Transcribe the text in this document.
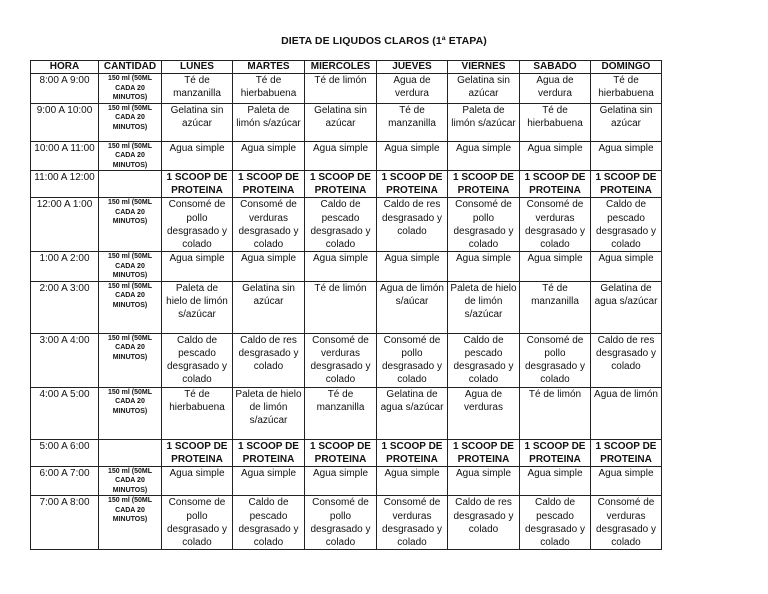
DIETA DE LIQUDOS CLAROS (1ª ETAPA)
HORA	CANTIDAD	LUNES	MARTES	MIERCOLES	JUEVES	VIERNES	SABADO	DOMINGO
8:00 A 9:00	150 ml (50ML CADA 20 MINUTOS)	Té de manzanilla	Té de hierbabuena	Té de limón	Agua de verdura	Gelatina sin azúcar	Agua de verdura	Té de hierbabuena
9:00 A 10:00	150 ml (50ML CADA 20 MINUTOS)	Gelatina sin azúcar	Paleta de limón s/azúcar	Gelatina sin azúcar	Té de manzanilla	Paleta de limón s/azúcar	Té de hierbabuena	Gelatina sin azúcar
10:00 A 11:00	150 ml (50ML CADA 20 MINUTOS)	Agua simple	Agua simple	Agua simple	Agua simple	Agua simple	Agua simple	Agua simple
11:00 A 12:00		1 SCOOP DE PROTEINA	1 SCOOP DE PROTEINA	1 SCOOP DE PROTEINA	1 SCOOP DE PROTEINA	1 SCOOP DE PROTEINA	1 SCOOP DE PROTEINA	1 SCOOP DE PROTEINA
12:00 A 1:00	150 ml (50ML CADA 20 MINUTOS)	Consomé de pollo desgrasado y colado	Consomé de verduras desgrasado y colado	Caldo de pescado desgrasado y colado	Caldo de res desgrasado y colado	Consomé de pollo desgrasado y colado	Consomé de verduras desgrasado y colado	Caldo de pescado desgrasado y colado
1:00 A 2:00	150 ml (50ML CADA 20 MINUTOS)	Agua simple	Agua simple	Agua simple	Agua simple	Agua simple	Agua simple	Agua simple
2:00 A 3:00	150 ml (50ML CADA 20 MINUTOS)	Paleta de hielo de limón s/azúcar	Gelatina sin azúcar	Té de limón	Agua de limón s/aúcar	Paleta de hielo de limón s/azúcar	Té de manzanilla	Gelatina de agua s/azúcar
3:00 A 4:00	150 ml (50ML CADA 20 MINUTOS)	Caldo de pescado desgrasado y colado	Caldo de res desgrasado y colado	Consomé de verduras desgrasado y colado	Consomé de pollo desgrasado y colado	Caldo de pescado desgrasado y colado	Consomé de pollo desgrasado y colado	Caldo de res desgrasado y colado
4:00 A 5:00	150 ml (50ML CADA 20 MINUTOS)	Té de hierbabuena	Paleta de hielo de limón s/azúcar	Té de manzanilla	Gelatina de agua s/azúcar	Agua de verduras	Té de limón	Agua de limón
5:00 A 6:00		1 SCOOP DE PROTEINA	1 SCOOP DE PROTEINA	1 SCOOP DE PROTEINA	1 SCOOP DE PROTEINA	1 SCOOP DE PROTEINA	1 SCOOP DE PROTEINA	1 SCOOP DE PROTEINA
6:00 A 7:00	150 ml (50ML CADA 20 MINUTOS)	Agua simple	Agua simple	Agua simple	Agua simple	Agua simple	Agua simple	Agua simple
7:00 A 8:00	150 ml (50ML CADA 20 MINUTOS)	Consome de pollo desgrasado y colado	Caldo de pescado desgrasado y colado	Consomé de pollo desgrasado y colado	Consomé de verduras desgrasado y colado	Caldo de res desgrasado y colado	Caldo de pescado desgrasado y colado	Consomé de verduras desgrasado y colado
